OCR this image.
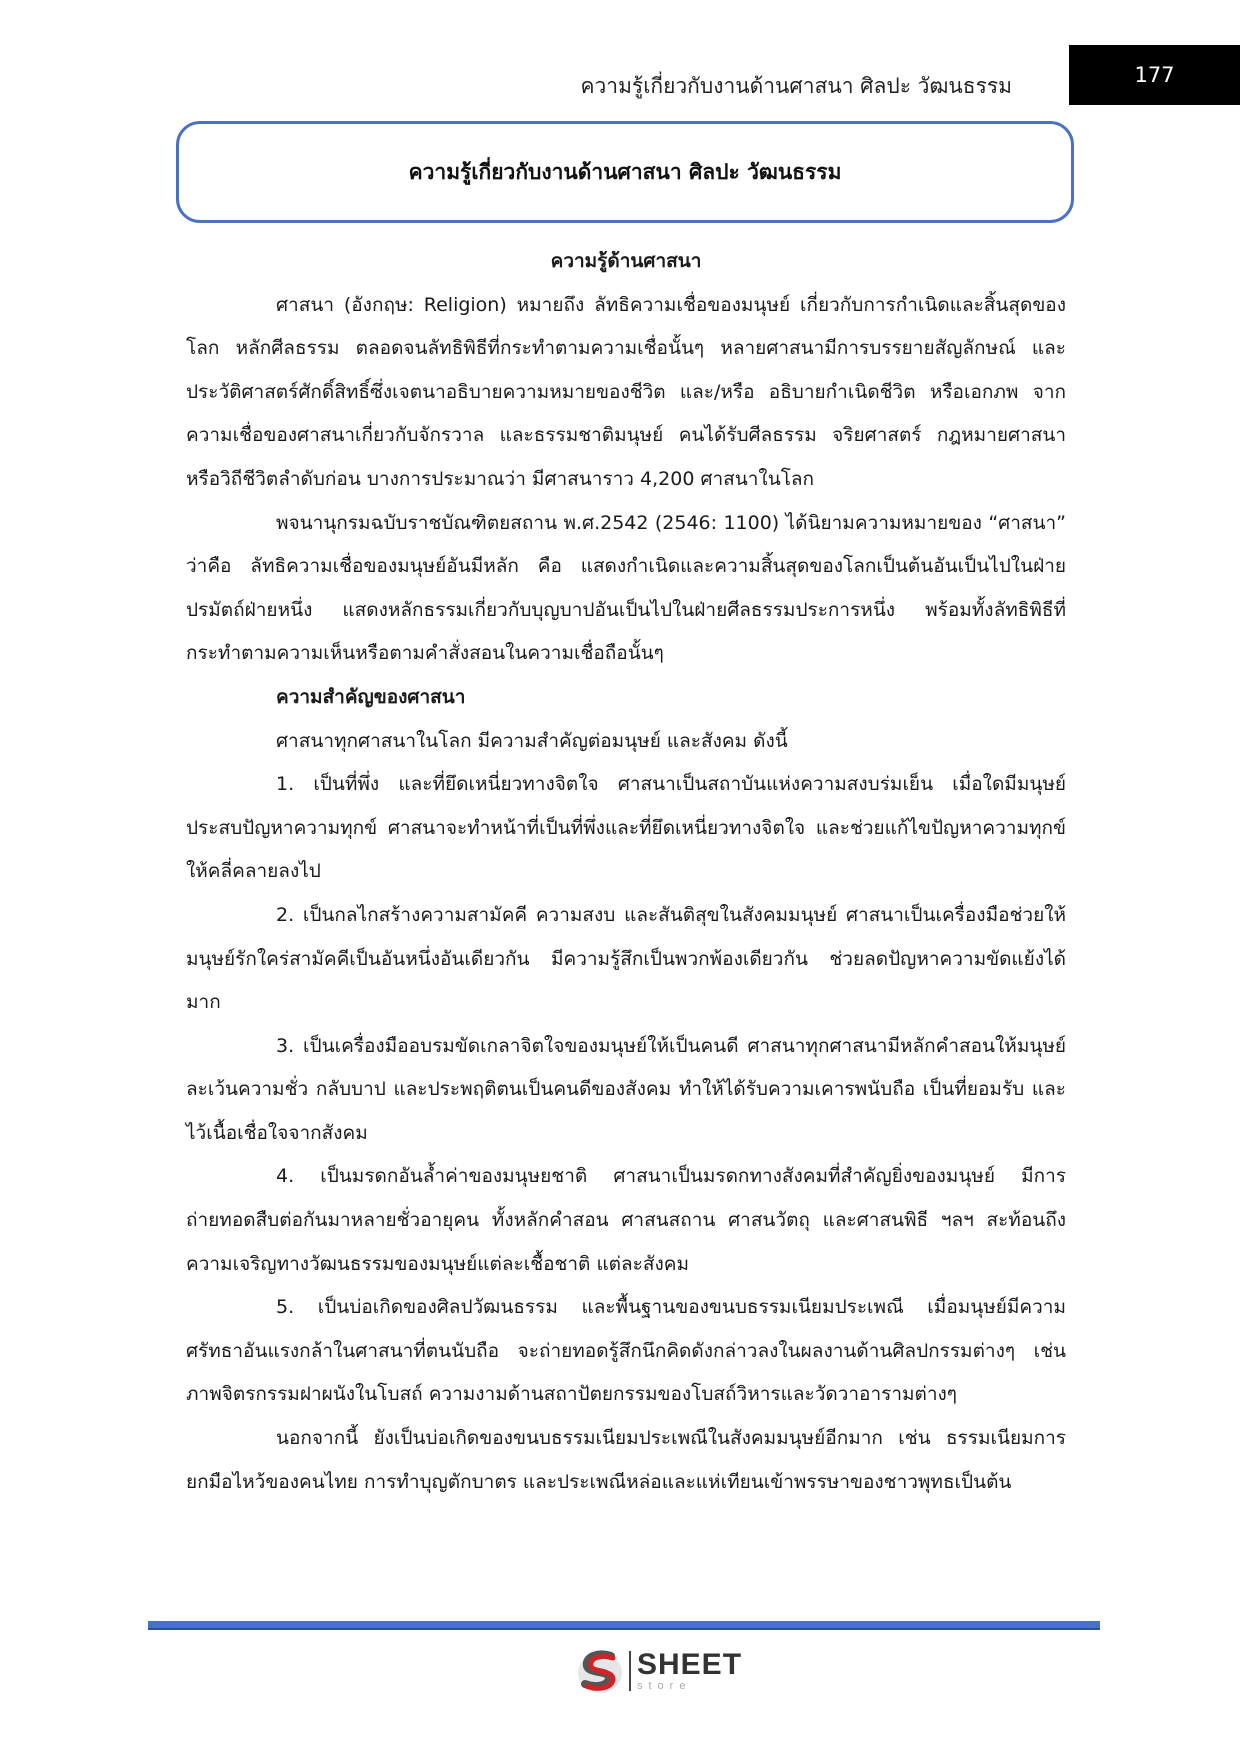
ความรู้เกี่ยวกับงานด้านศาสนา ศิลปะ วัฒนธรรม	177
ความรู้เกี่ยวกับงานด้านศาสนา ศิลปะ วัฒนธรรม

ความรู้ด้านศาสนา

ศาสนา (อังกฤษ: Religion) หมายถึง ลัทธิความเชื่อของมนุษย์ เกี่ยวกับการกำเนิดและสิ้นสุดของโลก หลักศีลธรรม ตลอดจนลัทธิพิธีที่กระทำตามความเชื่อนั้นๆ หลายศาสนามีการบรรยายสัญลักษณ์ และประวัติศาสตร์ศักดิ์สิทธิ์ซึ่งเจตนาอธิบายความหมายของชีวิต และ/หรือ อธิบายกำเนิดชีวิต หรือเอกภพ จากความเชื่อของศาสนาเกี่ยวกับจักรวาล และธรรมชาติมนุษย์ คนได้รับศีลธรรม จริยศาสตร์ กฎหมายศาสนา หรือวิถีชีวิตลำดับก่อน บางการประมาณว่า มีศาสนาราว 4,200 ศาสนาในโลก

พจนานุกรมฉบับราชบัณฑิตยสถาน พ.ศ.2542 (2546: 1100) ได้นิยามความหมายของ “ศาสนา” ว่าคือ ลัทธิความเชื่อของมนุษย์อันมีหลัก คือ แสดงกำเนิดและความสิ้นสุดของโลกเป็นต้นอันเป็นไปในฝ่ายปรมัตถ์ฝ่ายหนึ่ง แสดงหลักธรรมเกี่ยวกับบุญบาปอันเป็นไปในฝ่ายศีลธรรมประการหนึ่ง พร้อมทั้งลัทธิพิธีที่กระทำตามความเห็นหรือตามคำสั่งสอนในความเชื่อถือนั้นๆ

ความสำคัญของศาสนา

ศาสนาทุกศาสนาในโลก มีความสำคัญต่อมนุษย์ และสังคม ดังนี้

1. เป็นที่พึ่ง และที่ยึดเหนี่ยวทางจิตใจ ศาสนาเป็นสถาบันแห่งความสงบร่มเย็น เมื่อใดมีมนุษย์ประสบปัญหาความทุกข์ ศาสนาจะทำหน้าที่เป็นที่พึ่งและที่ยึดเหนี่ยวทางจิตใจ และช่วยแก้ไขปัญหาความทุกข์ให้คลี่คลายลงไป

2. เป็นกลไกสร้างความสามัคคี ความสงบ และสันติสุขในสังคมมนุษย์ ศาสนาเป็นเครื่องมือช่วยให้มนุษย์รักใคร่สามัคคีเป็นอันหนึ่งอันเดียวกัน มีความรู้สึกเป็นพวกพ้องเดียวกัน ช่วยลดปัญหาความขัดแย้งได้มาก

3. เป็นเครื่องมืออบรมขัดเกลาจิตใจของมนุษย์ให้เป็นคนดี ศาสนาทุกศาสนามีหลักคำสอนให้มนุษย์ละเว้นความชั่ว กลับบาป และประพฤติตนเป็นคนดีของสังคม ทำให้ได้รับความเคารพนับถือ เป็นที่ยอมรับ และไว้เนื้อเชื่อใจจากสังคม

4. เป็นมรดกอันล้ำค่าของมนุษยชาติ ศาสนาเป็นมรดกทางสังคมที่สำคัญยิ่งของมนุษย์ มีการถ่ายทอดสืบต่อกันมาหลายชั่วอายุคน ทั้งหลักคำสอน ศาสนสถาน ศาสนวัตถุ และศาสนพิธี ฯลฯ สะท้อนถึงความเจริญทางวัฒนธรรมของมนุษย์แต่ละเชื้อชาติ แต่ละสังคม

5. เป็นบ่อเกิดของศิลปวัฒนธรรม และพื้นฐานของขนบธรรมเนียมประเพณี เมื่อมนุษย์มีความศรัทธาอันแรงกล้าในศาสนาที่ตนนับถือ จะถ่ายทอดรู้สึกนึกคิดดังกล่าวลงในผลงานด้านศิลปกรรมต่างๆ เช่น ภาพจิตรกรรมฝาผนังในโบสถ์ ความงามด้านสถาปัตยกรรมของโบสถ์วิหารและวัดวาอารามต่างๆ

นอกจากนี้ ยังเป็นบ่อเกิดของขนบธรรมเนียมประเพณีในสังคมมนุษย์อีกมาก เช่น ธรรมเนียมการยกมือไหว้ของคนไทย การทำบุญตักบาตร และประเพณีหล่อและแห่เทียนเข้าพรรษาของชาวพุทธเป็นต้น

SHEET
store
